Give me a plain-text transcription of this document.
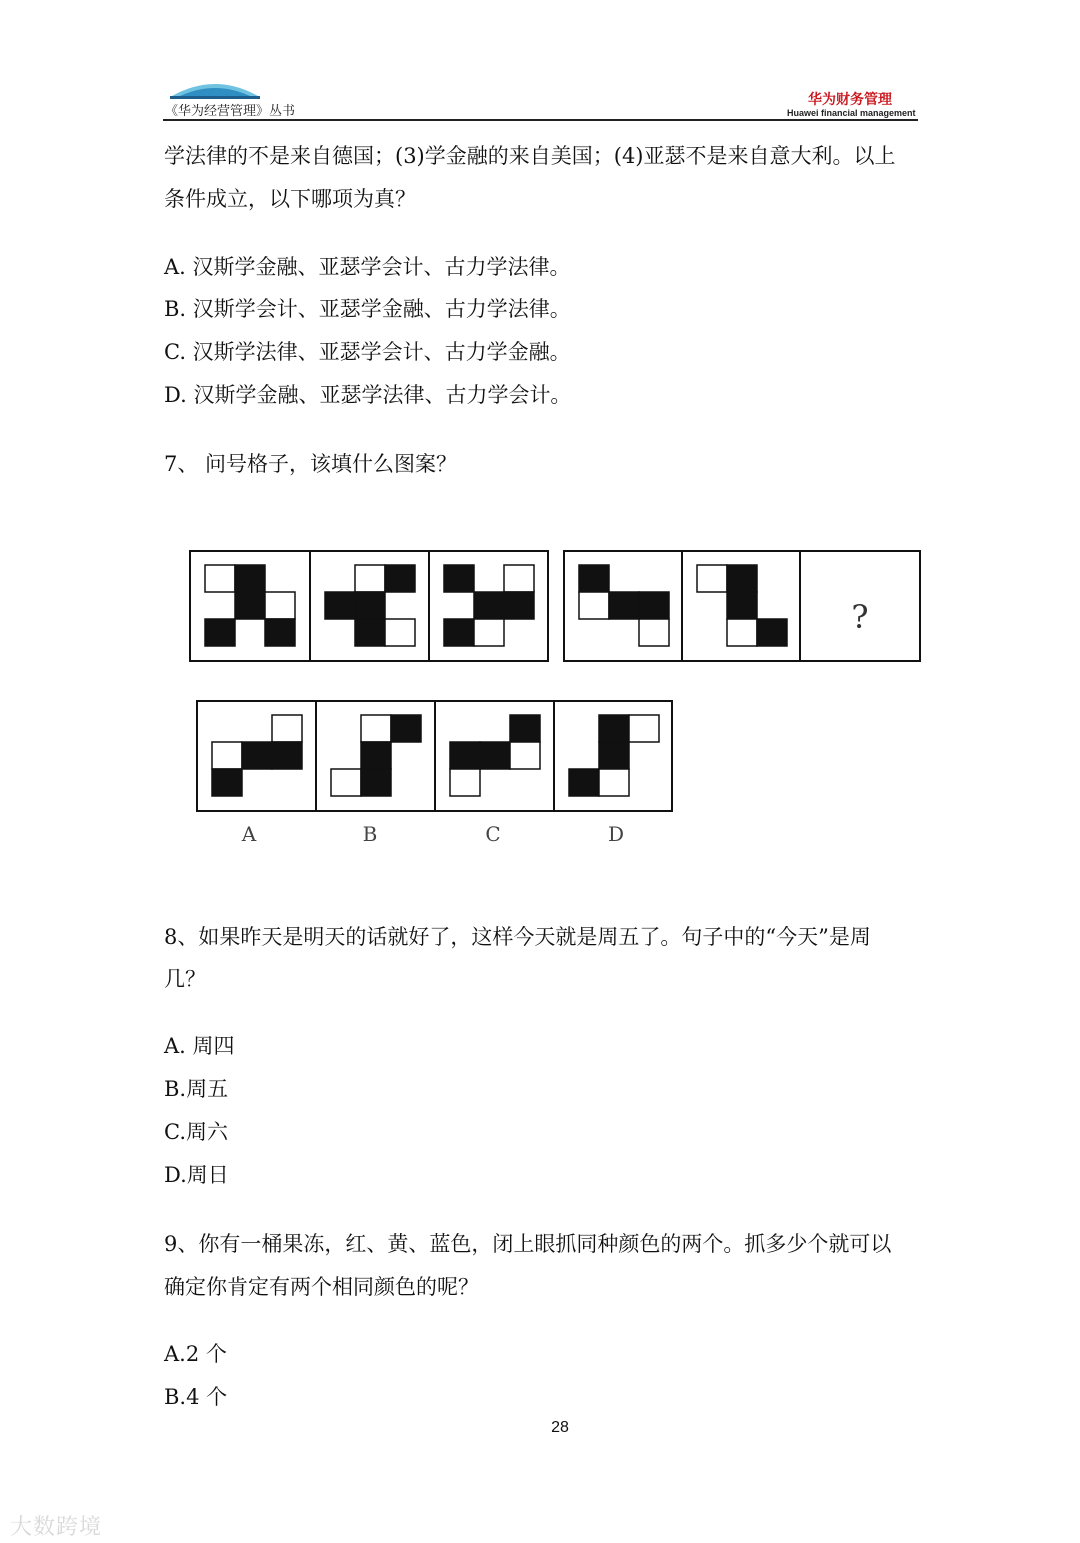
《华为经营管理》丛书
华为财务管理
Huawei financial management
学法律的不是来自德国；(3)学金融的来自美国；(4)亚瑟不是来自意大利。以上
条件成立，以下哪项为真？
A. 汉斯学金融、亚瑟学会计、古力学法律。
B. 汉斯学会计、亚瑟学金融、古力学法律。
C. 汉斯学法律、亚瑟学会计、古力学金融。
D. 汉斯学金融、亚瑟学法律、古力学会计。
7、 问号格子，该填什么图案？
?
A	B	C	D
8、如果昨天是明天的话就好了，这样今天就是周五了。句子中的“今天”是周
几？
A. 周四
B.周五
C.周六
D.周日
9、你有一桶果冻，红、黄、蓝色，闭上眼抓同种颜色的两个。抓多少个就可以
确定你肯定有两个相同颜色的呢？
A.2 个
B.4 个
28
大数跨境
